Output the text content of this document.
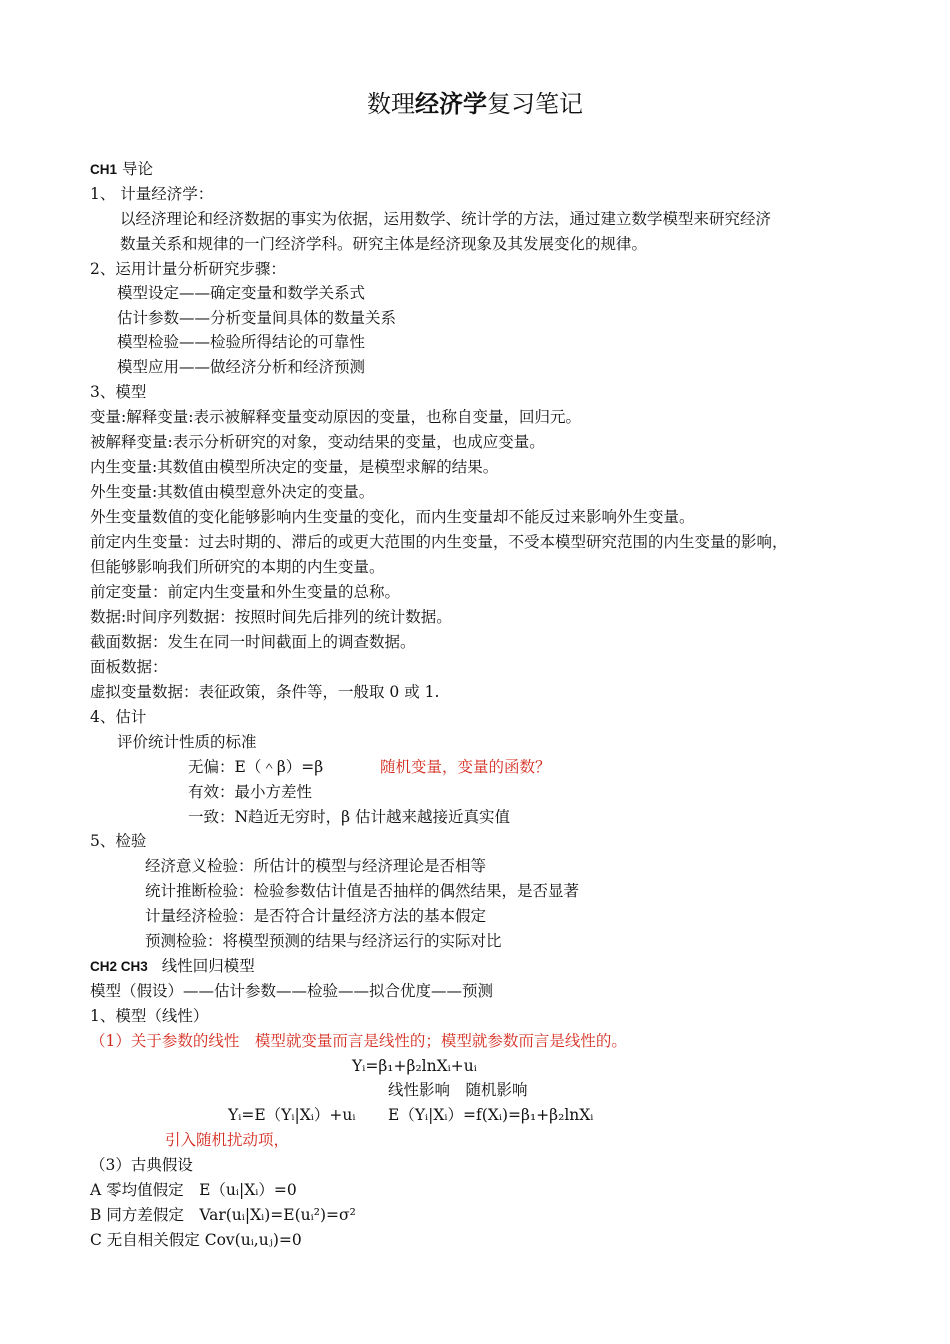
数理经济学复习笔记
CH1 导论
1、 计量经济学：
以经济理论和经济数据的事实为依据，运用数学、统计学的方法，通过建立数学模型来研究经济
数量关系和规律的一门经济学科。研究主体是经济现象及其发展变化的规律。
2、运用计量分析研究步骤：
模型设定——确定变量和数学关系式
估计参数——分析变量间具体的数量关系
模型检验——检验所得结论的可靠性
模型应用——做经济分析和经济预测
3、模型
变量:解释变量:表示被解释变量变动原因的变量，也称自变量，回归元。
被解释变量:表示分析研究的对象，变动结果的变量，也成应变量。
内生变量:其数值由模型所决定的变量，是模型求解的结果。
外生变量:其数值由模型意外决定的变量。
外生变量数值的变化能够影响内生变量的变化，而内生变量却不能反过来影响外生变量。
前定内生变量：过去时期的、滞后的或更大范围的内生变量，不受本模型研究范围的内生变量的影响，
但能够影响我们所研究的本期的内生变量。
前定变量：前定内生变量和外生变量的总称。
数据:时间序列数据：按照时间先后排列的统计数据。
截面数据：发生在同一时间截面上的调查数据。
面板数据：
虚拟变量数据：表征政策，条件等，一般取 0 或 1.
4、估计
评价统计性质的标准
无偏：E（＾β）=β	随机变量，变量的函数？
有效：最小方差性
一致：N趋近无穷时，β 估计越来越接近真实值
5、检验
经济意义检验：所估计的模型与经济理论是否相等
统计推断检验：检验参数估计值是否抽样的偶然结果，是否显著
计量经济检验：是否符合计量经济方法的基本假定
预测检验：将模型预测的结果与经济运行的实际对比
CH2 CH3 线性回归模型
模型（假设）——估计参数——检验——拟合优度——预测
1、模型（线性）
（1）关于参数的线性　模型就变量而言是线性的；模型就参数而言是线性的。
Yᵢ=β₁+β₂lnXᵢ+uᵢ
线性影响　随机影响
Yᵢ=E（Yᵢ|Xᵢ）+uᵢ E（Yᵢ|Xᵢ）=f(Xᵢ)=β₁+β₂lnXᵢ
引入随机扰动项，
（3）古典假设
A 零均值假定　E（uᵢ|Xᵢ）=0
B 同方差假定　Var(uᵢ|Xᵢ)=E(uᵢ²)=σ²
C 无自相关假定 Cov(uᵢ,uⱼ)=0
